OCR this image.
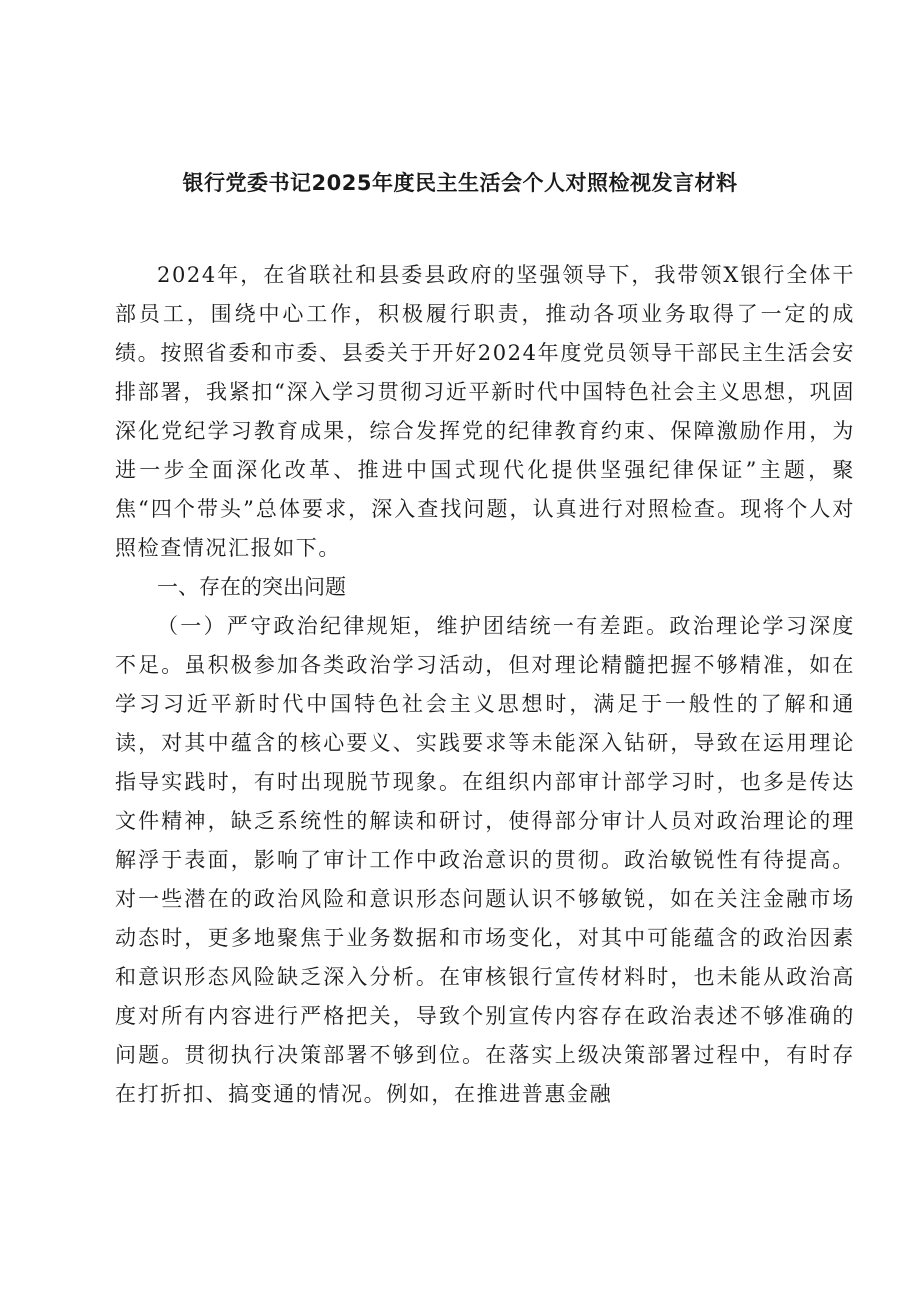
银行党委书记2025年度民主生活会个人对照检视发言材料

2024年，在省联社和县委县政府的坚强领导下，我带领X银行全体干部员工，围绕中心工作，积极履行职责，推动各项业务取得了一定的成绩。按照省委和市委、县委关于开好2024年度党员领导干部民主生活会安排部署，我紧扣“深入学习贯彻习近平新时代中国特色社会主义思想，巩固深化党纪学习教育成果，综合发挥党的纪律教育约束、保障激励作用，为进一步全面深化改革、推进中国式现代化提供坚强纪律保证”主题，聚焦“四个带头”总体要求，深入查找问题，认真进行对照检查。现将个人对照检查情况汇报如下。

一、存在的突出问题

（一）严守政治纪律规矩，维护团结统一有差距。政治理论学习深度不足。虽积极参加各类政治学习活动，但对理论精髓把握不够精准，如在学习习近平新时代中国特色社会主义思想时，满足于一般性的了解和通读，对其中蕴含的核心要义、实践要求等未能深入钻研，导致在运用理论指导实践时，有时出现脱节现象。在组织内部审计部学习时，也多是传达文件精神，缺乏系统性的解读和研讨，使得部分审计人员对政治理论的理解浮于表面，影响了审计工作中政治意识的贯彻。政治敏锐性有待提高。对一些潜在的政治风险和意识形态问题认识不够敏锐，如在关注金融市场动态时，更多地聚焦于业务数据和市场变化，对其中可能蕴含的政治因素和意识形态风险缺乏深入分析。在审核银行宣传材料时，也未能从政治高度对所有内容进行严格把关，导致个别宣传内容存在政治表述不够准确的问题。贯彻执行决策部署不够到位。在落实上级决策部署过程中，有时存在打折扣、搞变通的情况。例如，在推进普惠金融
